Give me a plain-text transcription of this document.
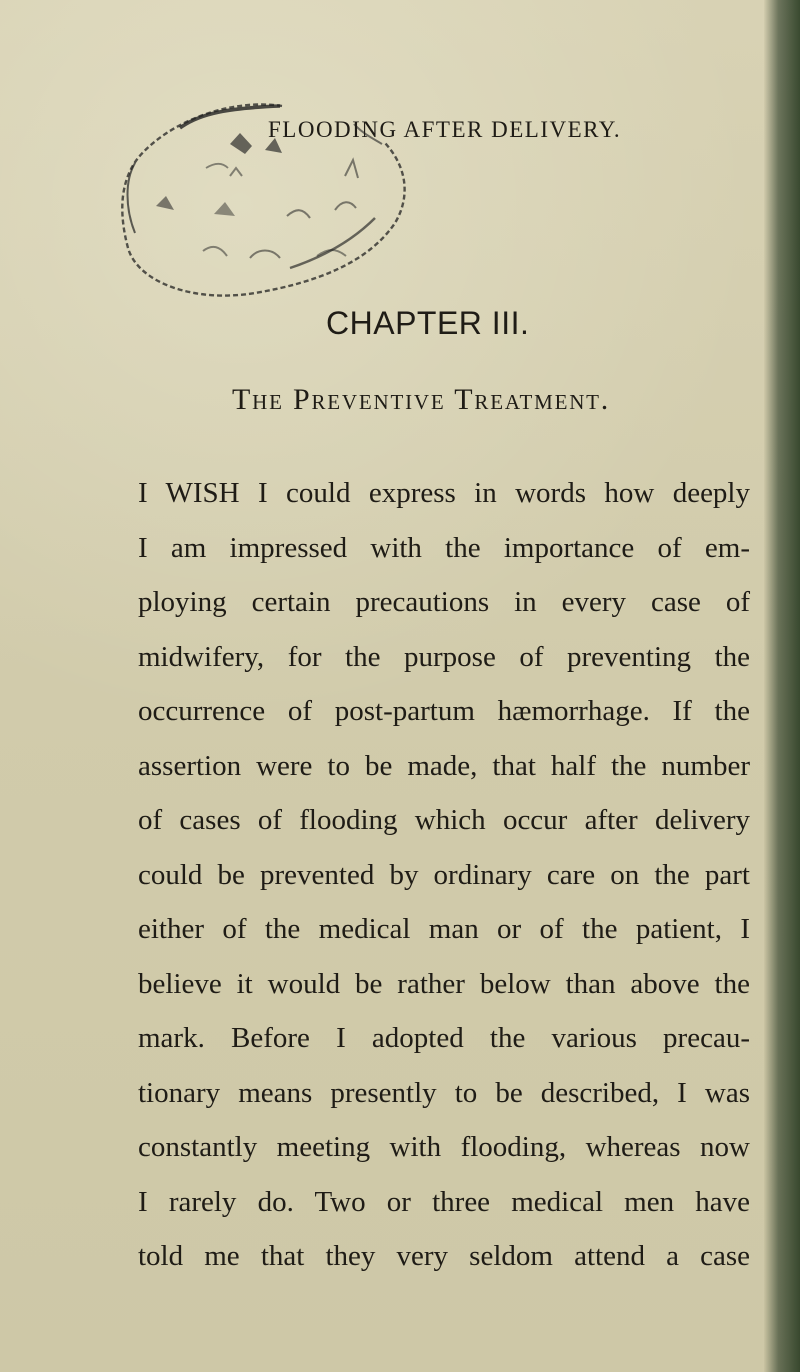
FLOODING AFTER DELIVERY.
CHAPTER III.
The Preventive Treatment.
I WISH I could express in words how deeply
I am impressed with the importance of em-
ploying certain precautions in every case of
midwifery, for the purpose of preventing the
occurrence of post-partum hæmorrhage. If the
assertion were to be made, that half the number
of cases of flooding which occur after delivery
could be prevented by ordinary care on the part
either of the medical man or of the patient, I
believe it would be rather below than above the
mark. Before I adopted the various precau-
tionary means presently to be described, I was
constantly meeting with flooding, whereas now
I rarely do. Two or three medical men have
told me that they very seldom attend a case
